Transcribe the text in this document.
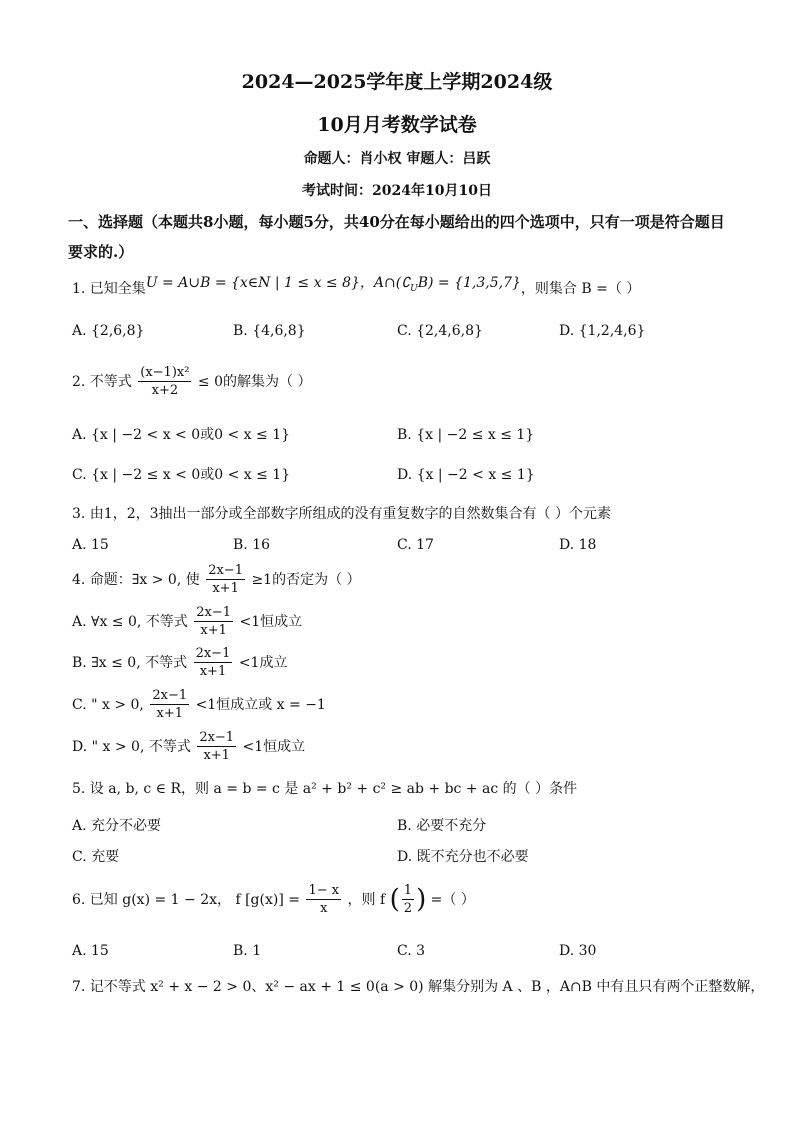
2024—2025学年度上学期2024级
10月月考数学试卷
命题人：肖小权 审题人：吕跃
考试时间：2024年10月10日
一、选择题（本题共8小题，每小题5分，共40分在每小题给出的四个选项中，只有一项是符合题目要求的.）
1. 已知全集U = A∪B = {x∈N | 1 ≤ x ≤ 8}，$A\cap(∁_UB) = \{1,3,5,7\}$，则集合 B =（ ）
A. {2,6,8}	B. {4,6,8}	C. {2,4,6,8}	D. {1,2,4,6}
2. 不等式 $\frac{\text{(x−1)x²}}{x+2} \le 0$的解集为（ ）
A. {x | −2 < x < 0或0 < x ≤ 1}	B. {x | −2 ≤ x ≤ 1}
C. {x | −2 ≤ x < 0或0 < x ≤ 1}	D. {x | −2 < x ≤ 1}
3. 由1，2，3抽出一部分或全部数字所组成的没有重复数字的自然数集合有（ ）个元素
A. 15	B. 16	C. 17	D. 18
4. 命题：∃x > 0, 使 $\frac{2x-1}{x+1} \ge 1$的否定为（ ）
A. ∀x ≤ 0, 不等式 $\frac{2x-1}{x+1} <1$恒成立
B. ∃x ≤ 0, 不等式 $\frac{2x-1}{x+1} <1$成立
C. " x > 0, $\frac{2x-1}{x+1} <1$恒成立或 x = −1
D. " x > 0, 不等式 $\frac{2x-1}{x+1} <1$恒成立
5. 设 a, b, c ∈ R，则 a = b = c 是 a² + b² + c² ≥ ab + bc + ac 的（ ）条件
A. 充分不必要	B. 必要不充分
C. 充要	D. 既不充分也不必要
6. 已知 g(x) = 1 − 2x， f $[g(x)] = \frac{1- x}{x}$ ，则 f ( $\frac{1}{2}$ ) =（ ）
A. 15	B. 1	C. 3	D. 30
7. 记不等式 x² + x − 2 > 0、x² − ax + 1 ≤ 0(a > 0) 解集分别为 A 、B ，A∩B 中有且只有两个正整数解，
